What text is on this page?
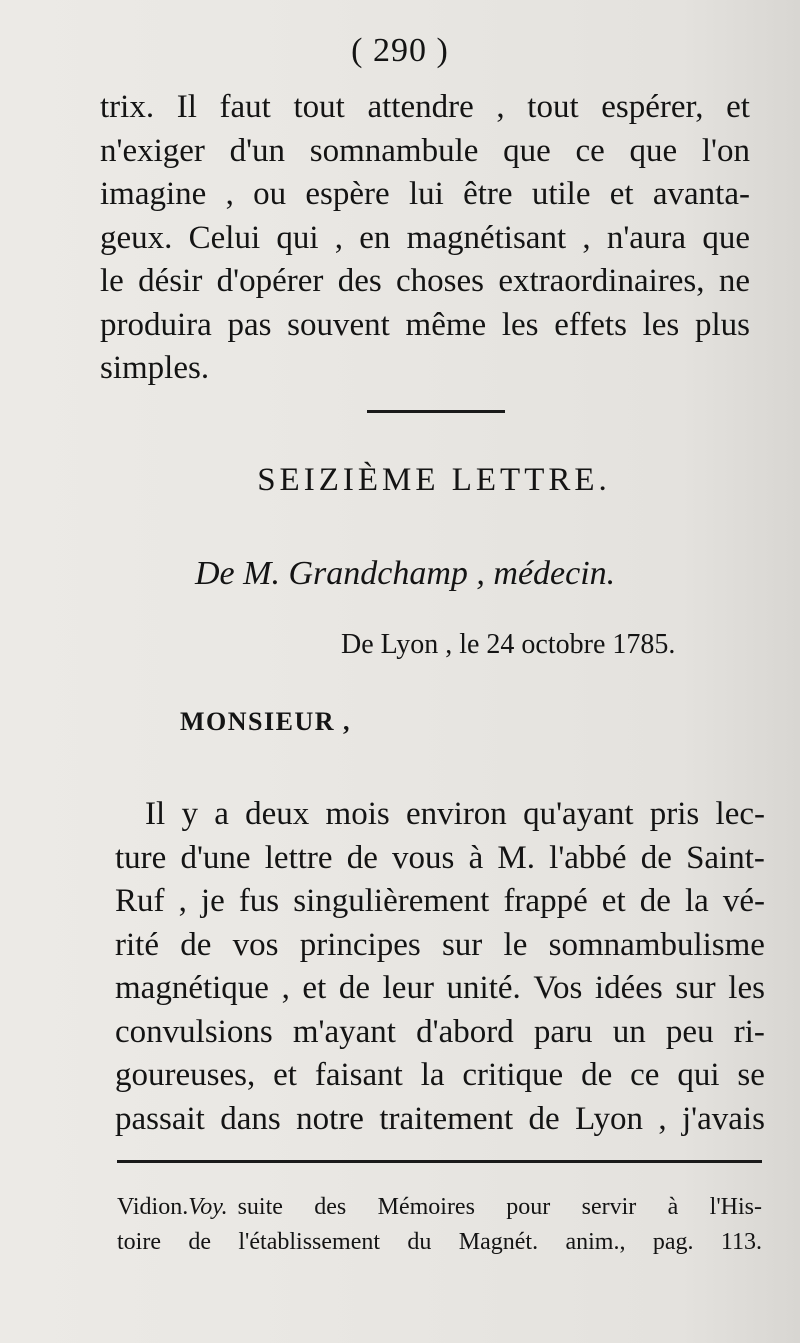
( 290 )
trix. Il faut tout attendre , tout espérer, et
n'exiger d'un somnambule que ce que l'on
imagine , ou espère lui être utile et avanta-
geux. Celui qui , en magnétisant , n'aura que
le désir d'opérer des choses extraordinaires, ne
produira pas souvent même les effets les plus
simples.
SEIZIÈME LETTRE.
De M. Grandchamp , médecin.
De Lyon , le 24 octobre 1785.
MONSIEUR ,
Il y a deux mois environ qu'ayant pris lec-
ture d'une lettre de vous à M. l'abbé de Saint-
Ruf , je fus singulièrement frappé et de la vé-
rité de vos principes sur le somnambulisme
magnétique , et de leur unité. Vos idées sur les
convulsions m'ayant d'abord paru un peu ri-
goureuses, et faisant la critique de ce qui se
passait dans notre traitement de Lyon , j'avais
Vidion. Voy. suite des Mémoires pour servir à l'His-
toire de l'établissement du Magnét. anim., pag. 113.
